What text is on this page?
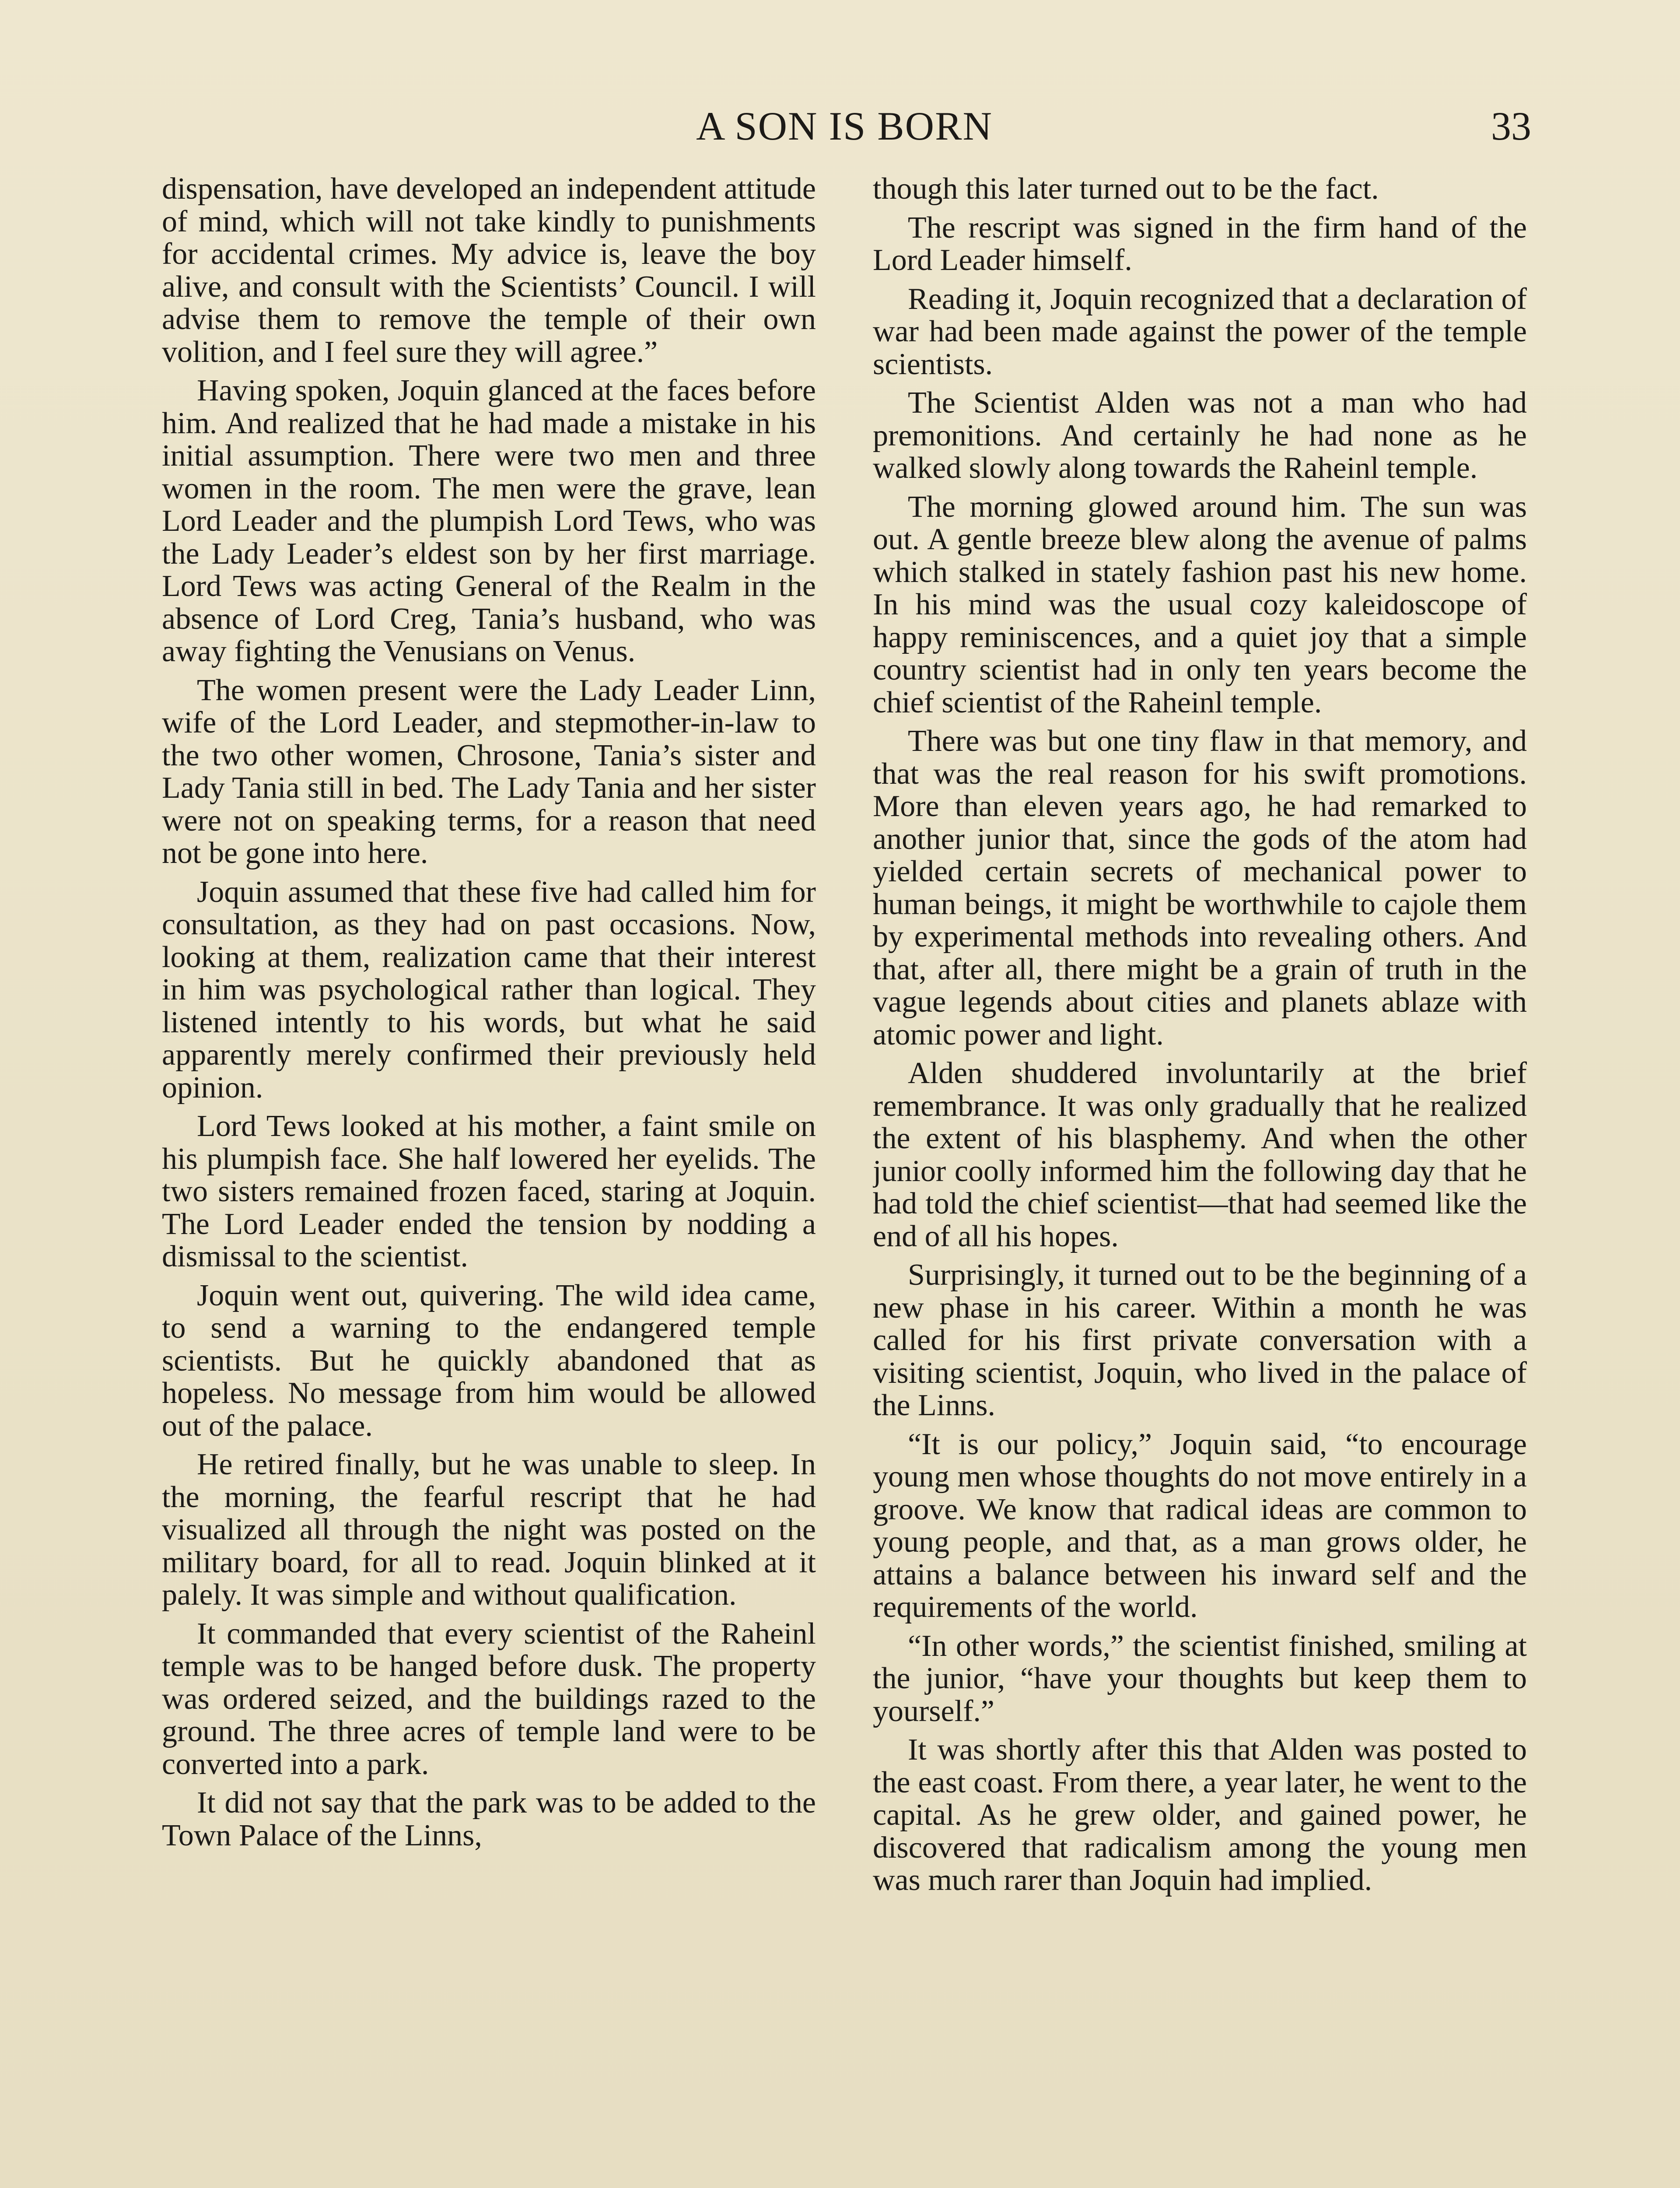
A SON IS BORN	33

dispensation, have developed an independent attitude of mind, which will not take kindly to punishments for accidental crimes. My advice is, leave the boy alive, and consult with the Scientists’ Council. I will advise them to remove the temple of their own volition, and I feel sure they will agree.”

Having spoken, Joquin glanced at the faces before him. And realized that he had made a mistake in his initial assumption. There were two men and three women in the room. The men were the grave, lean Lord Leader and the plumpish Lord Tews, who was the Lady Leader’s eldest son by her first marriage. Lord Tews was acting General of the Realm in the absence of Lord Creg, Tania’s husband, who was away fighting the Venusians on Venus.

The women present were the Lady Leader Linn, wife of the Lord Leader, and stepmother-in-law to the two other women, Chrosone, Tania’s sister and Lady Tania still in bed. The Lady Tania and her sister were not on speaking terms, for a reason that need not be gone into here.

Joquin assumed that these five had called him for consultation, as they had on past occasions. Now, looking at them, realization came that their interest in him was psychological rather than logical. They listened intently to his words, but what he said apparently merely confirmed their previously held opinion.

Lord Tews looked at his mother, a faint smile on his plumpish face. She half lowered her eyelids. The two sisters remained frozen faced, staring at Joquin. The Lord Leader ended the tension by nodding a dismissal to the scientist.

Joquin went out, quivering. The wild idea came, to send a warning to the endangered temple scientists. But he quickly abandoned that as hopeless. No message from him would be allowed out of the palace.

He retired finally, but he was unable to sleep. In the morning, the fearful rescript that he had visualized all through the night was posted on the military board, for all to read. Joquin blinked at it palely. It was simple and without qualification.

It commanded that every scientist of the Raheinl temple was to be hanged before dusk. The property was ordered seized, and the buildings razed to the ground. The three acres of temple land were to be converted into a park.

It did not say that the park was to be added to the Town Palace of the Linns,

though this later turned out to be the fact.

The rescript was signed in the firm hand of the Lord Leader himself.

Reading it, Joquin recognized that a declaration of war had been made against the power of the temple scientists.

The Scientist Alden was not a man who had premonitions. And certainly he had none as he walked slowly along towards the Raheinl temple.

The morning glowed around him. The sun was out. A gentle breeze blew along the avenue of palms which stalked in stately fashion past his new home. In his mind was the usual cozy kaleidoscope of happy reminiscences, and a quiet joy that a simple country scientist had in only ten years become the chief scientist of the Raheinl temple.

There was but one tiny flaw in that memory, and that was the real reason for his swift promotions. More than eleven years ago, he had remarked to another junior that, since the gods of the atom had yielded certain secrets of mechanical power to human beings, it might be worthwhile to cajole them by experimental methods into revealing others. And that, after all, there might be a grain of truth in the vague legends about cities and planets ablaze with atomic power and light.

Alden shuddered involuntarily at the brief remembrance. It was only gradually that he realized the extent of his blasphemy. And when the other junior coolly informed him the following day that he had told the chief scientist—that had seemed like the end of all his hopes.

Surprisingly, it turned out to be the beginning of a new phase in his career. Within a month he was called for his first private conversation with a visiting scientist, Joquin, who lived in the palace of the Linns.

“It is our policy,” Joquin said, “to encourage young men whose thoughts do not move entirely in a groove. We know that radical ideas are common to young people, and that, as a man grows older, he attains a balance between his inward self and the requirements of the world.

“In other words,” the scientist finished, smiling at the junior, “have your thoughts but keep them to yourself.”

It was shortly after this that Alden was posted to the east coast. From there, a year later, he went to the capital. As he grew older, and gained power, he discovered that radicalism among the young men was much rarer than Joquin had implied.
